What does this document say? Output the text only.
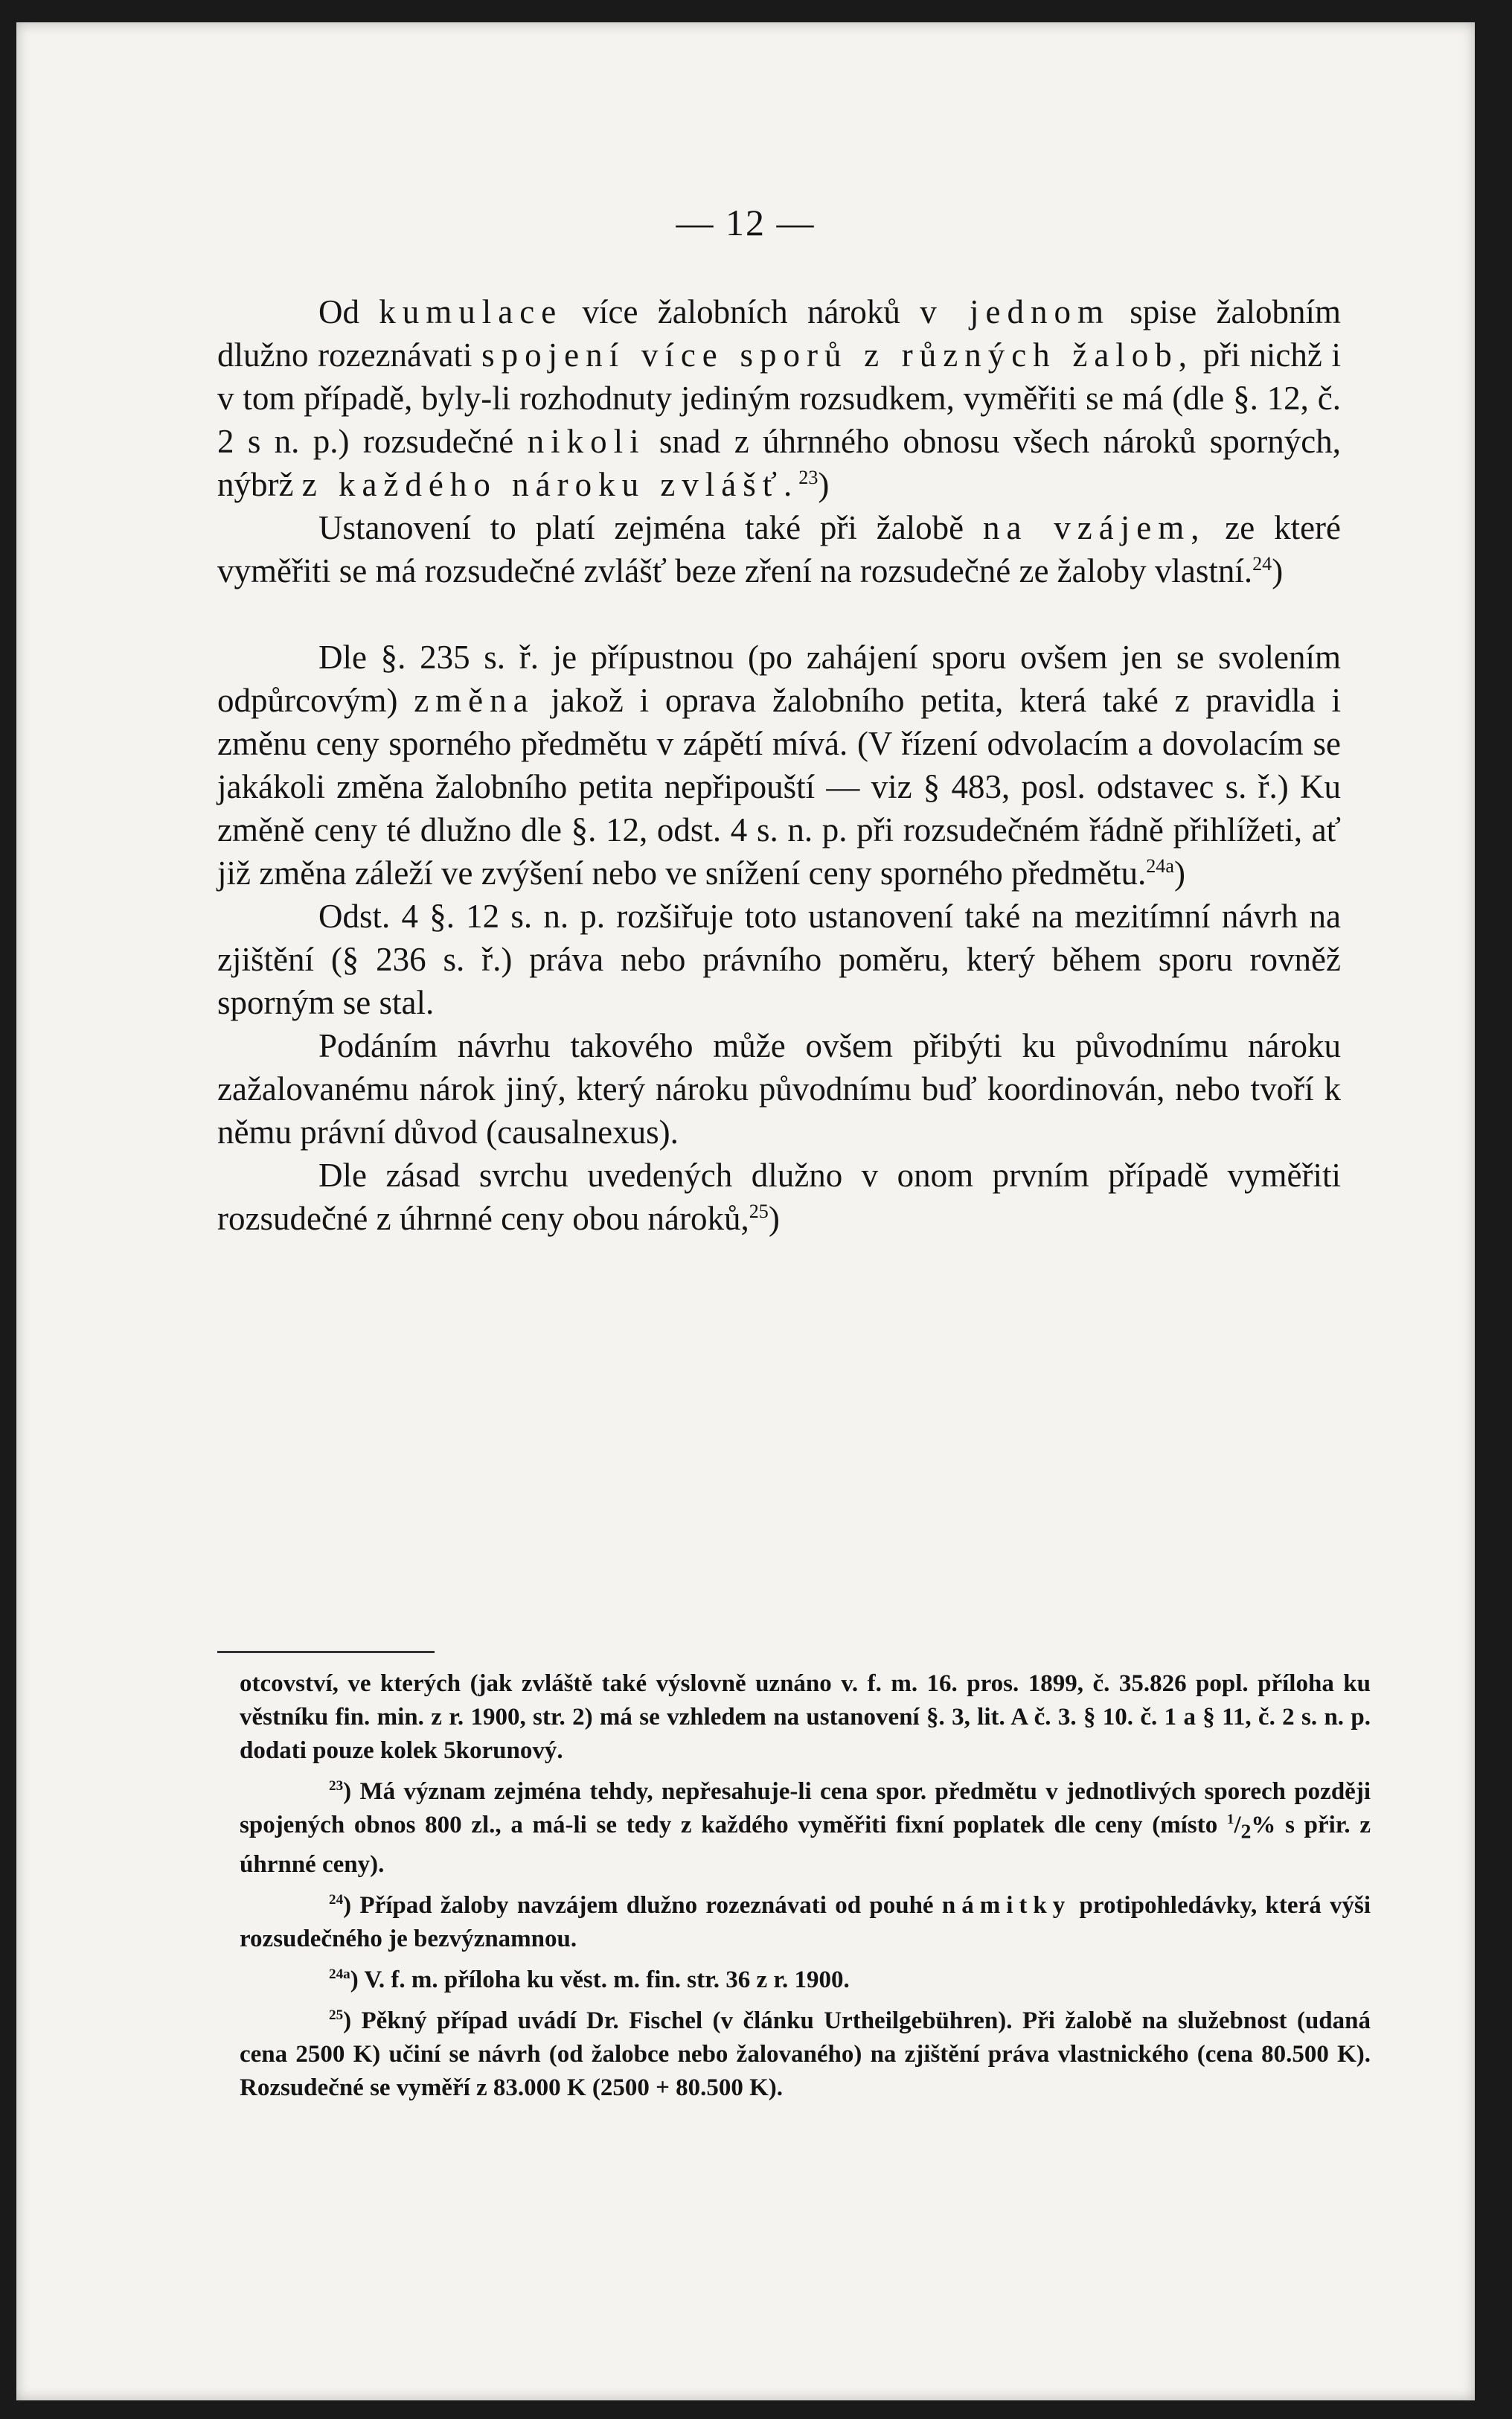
— 12 —

Od kumulace více žalobních nároků v jednom spise žalobním dlužno rozeznávati spojení více sporů z různých žalob, při nichž i v tom případě, byly-li rozhodnuty jediným rozsudkem, vyměřiti se má (dle §. 12, č. 2 s n. p.) rozsudečné nikoli snad z úhrnného obnosu všech nároků sporných, nýbrž z každého nároku zvlášť.$^{23}$)

Ustanovení to platí zejména také při žalobě na vzájem, ze které vyměřiti se má rozsudečné zvlášť beze zření na rozsudečné ze žaloby vlastní.$^{24}$)

Dle §. 235 s. ř. je přípustnou (po zahájení sporu ovšem jen se svolením odpůrcovým) změna jakož i oprava žalobního petita, která také z pravidla i změnu ceny sporného předmětu v zápětí mívá. (V řízení odvolacím a dovolacím se jakákoli změna žalobního petita nepřipouští — viz § 483, posl. odstavec s. ř.) Ku změně ceny té dlužno dle §. 12, odst. 4 s. n. p. při rozsudečném řádně přihlížeti, ať již změna záleží ve zvýšení nebo ve snížení ceny sporného předmětu.$^{24a}$)

Odst. 4 §. 12 s. n. p. rozšiřuje toto ustanovení také na mezitímní návrh na zjištění (§ 236 s. ř.) práva nebo právního poměru, který během sporu rovněž sporným se stal.

Podáním návrhu takového může ovšem přibýti ku původnímu nároku zažalovanému nárok jiný, který nároku původnímu buď koordinován, nebo tvoří k němu právní důvod (causalnexus).

Dle zásad svrchu uvedených dlužno v onom prvním případě vyměřiti rozsudečné z úhrnné ceny obou nároků,$^{25}$)

otcovství, ve kterých (jak zvláště také výslovně uznáno v. f. m. 16. pros. 1899, č. 35.826 popl. příloha ku věstníku fin. min. z r. 1900, str. 2) má se vzhledem na ustanovení §. 3, lit. A č. 3. § 10. č. 1 a § 11, č. 2 s. n. p. dodati pouze kolek 5korunový.

$^{23}$) Má význam zejména tehdy, nepřesahuje-li cena spor. předmětu v jednotlivých sporech později spojených obnos 800 zl., a má-li se tedy z každého vyměřiti fixní poplatek dle ceny (místo $^1/_2\%$ s přir. z úhrnné ceny).

$^{24}$) Případ žaloby navzájem dlužno rozeznávati od pouhé námitky protipohledávky, která výši rozsudečného je bezvýznamnou.

$^{24a}$) V. f. m. příloha ku věst. m. fin. str. 36 z r. 1900.

$^{25}$) Pěkný případ uvádí Dr. Fischel (v článku Urtheilgebühren). Při žalobě na služebnost (udaná cena 2500 K) učiní se návrh (od žalobce nebo žalovaného) na zjištění práva vlastnického (cena 80.500 K). Rozsudečné se vyměří z 83.000 K (2500 + 80.500 K).
